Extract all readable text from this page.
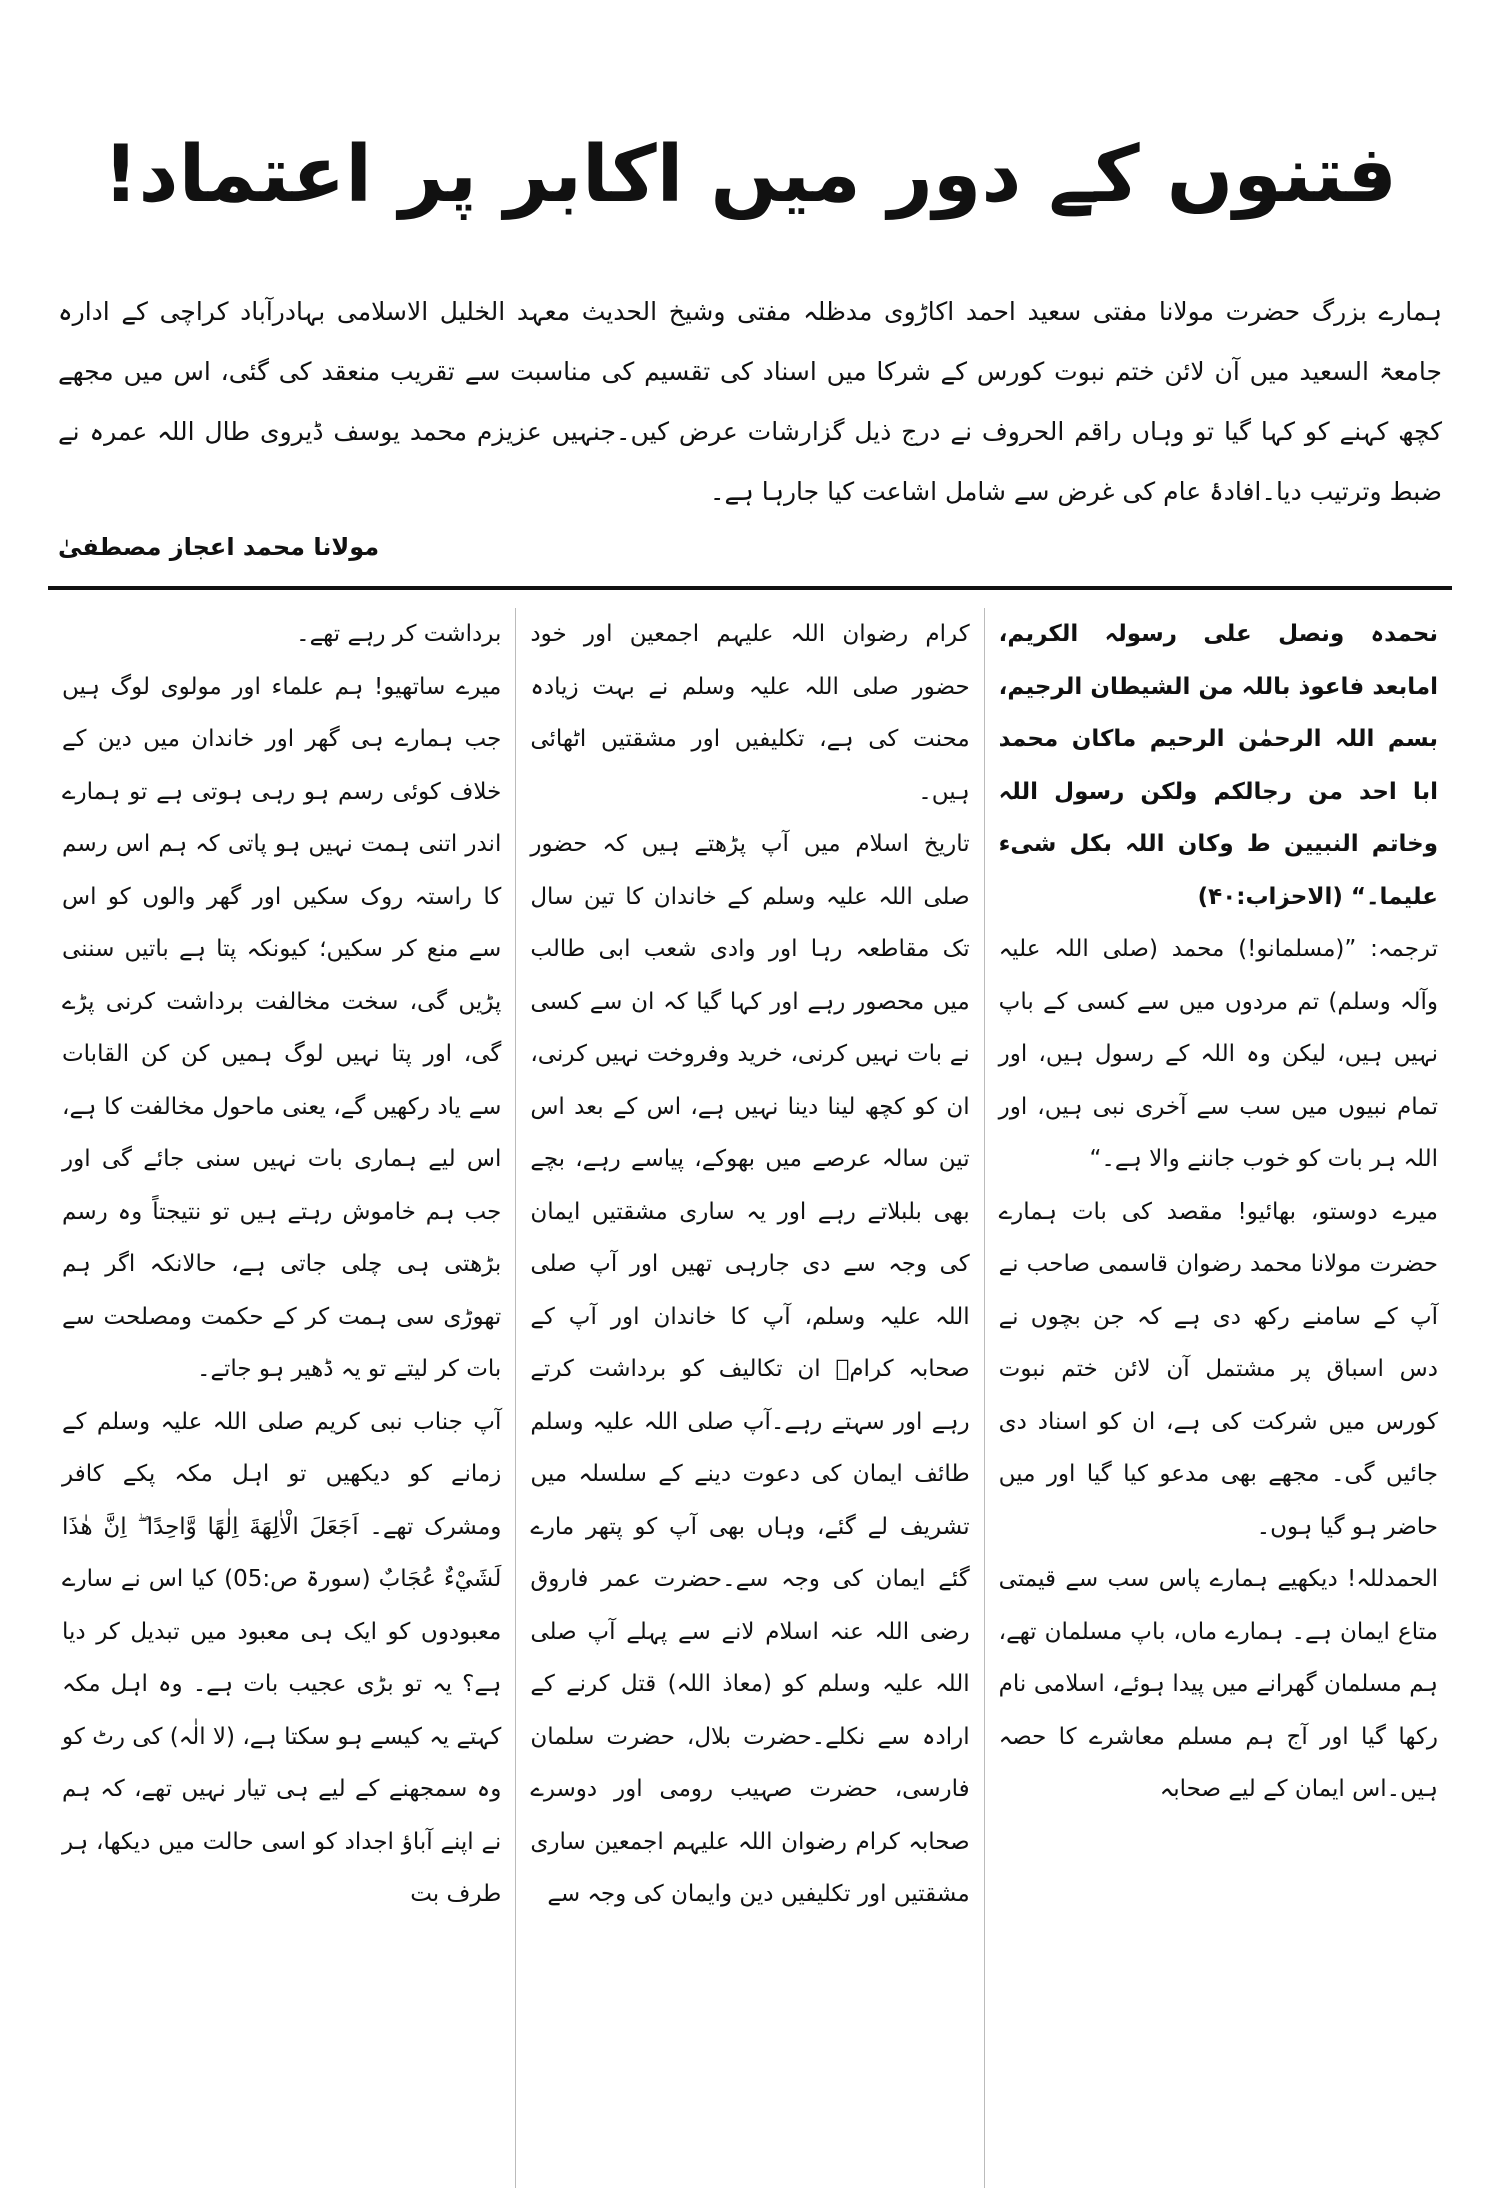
فتنوں کے دور میں اکابر پر اعتماد!
ہمارے بزرگ حضرت مولانا مفتی سعید احمد اکاڑوی مدظلہ مفتی وشیخ الحدیث معہد الخلیل الاسلامی بہادرآباد کراچی کے ادارہ جامعۃ السعید میں آن لائن ختم نبوت کورس کے شرکا میں اسناد کی تقسیم کی مناسبت سے تقریب منعقد کی گئی، اس میں مجھے کچھ کہنے کو کہا گیا تو وہاں راقم الحروف نے درج ذیل گزارشات عرض کیں۔جنہیں عزیزم محمد یوسف ڈیروی طال اللہ عمرہ نے ضبط وترتیب دیا۔افادۂ عام کی غرض سے شامل اشاعت کیا جارہا ہے۔
مولانا محمد اعجاز مصطفیٰ

نحمدہ ونصل علی رسولہ الکریم، امابعد فاعوذ باللہ من الشیطان الرجیم، بسم اللہ الرحمٰن الرحیم ماکان محمد ابا احد من رجالکم ولکن رسول اللہ وخاتم النبیین ط وکان اللہ بکل شیء علیما۔“ (الاحزاب:۴۰)

ترجمہ: ”(مسلمانو!) محمد (صلی اللہ علیہ وآلہ وسلم) تم مردوں میں سے کسی کے باپ نہیں ہیں، لیکن وہ اللہ کے رسول ہیں، اور تمام نبیوں میں سب سے آخری نبی ہیں، اور اللہ ہر بات کو خوب جاننے والا ہے۔“

میرے دوستو، بھائیو! مقصد کی بات ہمارے حضرت مولانا محمد رضوان قاسمی صاحب نے آپ کے سامنے رکھ دی ہے کہ جن بچوں نے دس اسباق پر مشتمل آن لائن ختم نبوت کورس میں شرکت کی ہے، ان کو اسناد دی جائیں گی۔ مجھے بھی مدعو کیا گیا اور میں حاضر ہو گیا ہوں۔

الحمدللہ! دیکھیے ہمارے پاس سب سے قیمتی متاع ایمان ہے۔ ہمارے ماں، باپ مسلمان تھے، ہم مسلمان گھرانے میں پیدا ہوئے، اسلامی نام رکھا گیا اور آج ہم مسلم معاشرے کا حصہ ہیں۔اس ایمان کے لیے صحابہ

کرام رضوان اللہ علیہم اجمعین اور خود حضور صلی اللہ علیہ وسلم نے بہت زیادہ محنت کی ہے، تکلیفیں اور مشقتیں اٹھائی ہیں۔

تاریخ اسلام میں آپ پڑھتے ہیں کہ حضور صلی اللہ علیہ وسلم کے خاندان کا تین سال تک مقاطعہ رہا اور وادی شعب ابی طالب میں محصور رہے اور کہا گیا کہ ان سے کسی نے بات نہیں کرنی، خرید وفروخت نہیں کرنی، ان کو کچھ لینا دینا نہیں ہے، اس کے بعد اس تین سالہ عرصے میں بھوکے، پیاسے رہے، بچے بھی بلبلاتے رہے اور یہ ساری مشقتیں ایمان کی وجہ سے دی جارہی تھیں اور آپ صلی اللہ علیہ وسلم، آپ کا خاندان اور آپ کے صحابہ کرامؓ ان تکالیف کو برداشت کرتے رہے اور سہتے رہے۔آپ صلی اللہ علیہ وسلم طائف ایمان کی دعوت دینے کے سلسلہ میں تشریف لے گئے، وہاں بھی آپ کو پتھر مارے گئے ایمان کی وجہ سے۔حضرت عمر فاروق رضی اللہ عنہ اسلام لانے سے پہلے آپ صلی اللہ علیہ وسلم کو (معاذ اللہ) قتل کرنے کے ارادہ سے نکلے۔حضرت بلال، حضرت سلمان فارسی، حضرت صہیب رومی اور دوسرے صحابہ کرام رضوان اللہ علیہم اجمعین ساری مشقتیں اور تکلیفیں دین وایمان کی وجہ سے

برداشت کر رہے تھے۔

میرے ساتھیو! ہم علماء اور مولوی لوگ ہیں جب ہمارے ہی گھر اور خاندان میں دین کے خلاف کوئی رسم ہو رہی ہوتی ہے تو ہمارے اندر اتنی ہمت نہیں ہو پاتی کہ ہم اس رسم کا راستہ روک سکیں اور گھر والوں کو اس سے منع کر سکیں؛ کیونکہ پتا ہے باتیں سننی پڑیں گی، سخت مخالفت برداشت کرنی پڑے گی، اور پتا نہیں لوگ ہمیں کن کن القابات سے یاد رکھیں گے، یعنی ماحول مخالفت کا ہے، اس لیے ہماری بات نہیں سنی جائے گی اور جب ہم خاموش رہتے ہیں تو نتیجتاً وہ رسم بڑھتی ہی چلی جاتی ہے، حالانکہ اگر ہم تھوڑی سی ہمت کر کے حکمت ومصلحت سے بات کر لیتے تو یہ ڈھیر ہو جاتے۔

آپ جناب نبی کریم صلی اللہ علیہ وسلم کے زمانے کو دیکھیں تو اہل مکہ پکے کافر ومشرک تھے۔ اَجَعَلَ الْاٰلِهَةَ اِلٰهًا وَّاحِدًا ۖ اِنَّ هٰذَا لَشَيْءٌ عُجَابٌ (سورۃ ص:05) کیا اس نے سارے معبودوں کو ایک ہی معبود میں تبدیل کر دیا ہے؟ یہ تو بڑی عجیب بات ہے۔ وہ اہل مکہ کہتے یہ کیسے ہو سکتا ہے، (لا الٰہ) کی رٹ کو وہ سمجھنے کے لیے ہی تیار نہیں تھے، کہ ہم نے اپنے آباؤ اجداد کو اسی حالت میں دیکھا، ہر طرف بت
